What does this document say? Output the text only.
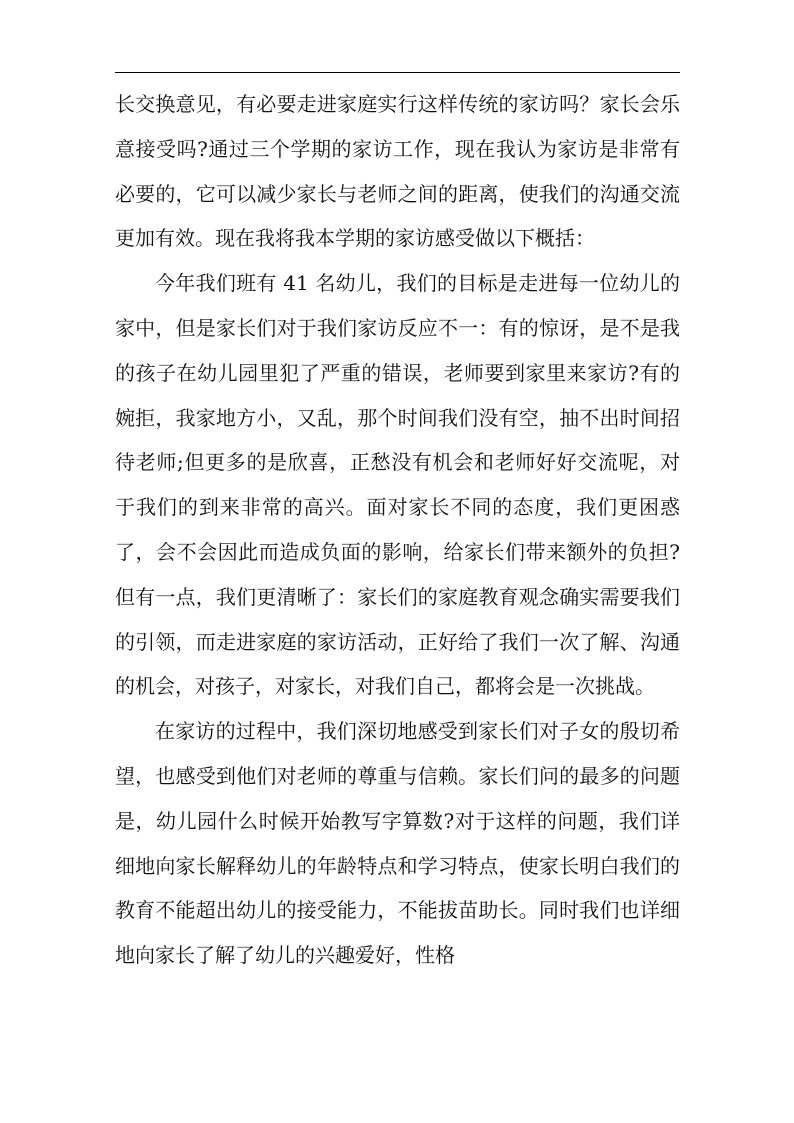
长交换意见，有必要走进家庭实行这样传统的家访吗？家长会乐意接受吗?通过三个学期的家访工作，现在我认为家访是非常有必要的，它可以减少家长与老师之间的距离，使我们的沟通交流更加有效。现在我将我本学期的家访感受做以下概括：

今年我们班有 41 名幼儿，我们的目标是走进每一位幼儿的家中，但是家长们对于我们家访反应不一：有的惊讶，是不是我的孩子在幼儿园里犯了严重的错误，老师要到家里来家访?有的婉拒，我家地方小，又乱，那个时间我们没有空，抽不出时间招待老师;但更多的是欣喜，正愁没有机会和老师好好交流呢，对于我们的到来非常的高兴。面对家长不同的态度，我们更困惑了，会不会因此而造成负面的影响，给家长们带来额外的负担?但有一点，我们更清晰了：家长们的家庭教育观念确实需要我们的引领，而走进家庭的家访活动，正好给了我们一次了解、沟通的机会，对孩子，对家长，对我们自己，都将会是一次挑战。

在家访的过程中，我们深切地感受到家长们对子女的殷切希望，也感受到他们对老师的尊重与信赖。家长们问的最多的问题是，幼儿园什么时候开始教写字算数?对于这样的问题，我们详细地向家长解释幼儿的年龄特点和学习特点，使家长明白我们的教育不能超出幼儿的接受能力，不能拔苗助长。同时我们也详细地向家长了解了幼儿的兴趣爱好，性格
